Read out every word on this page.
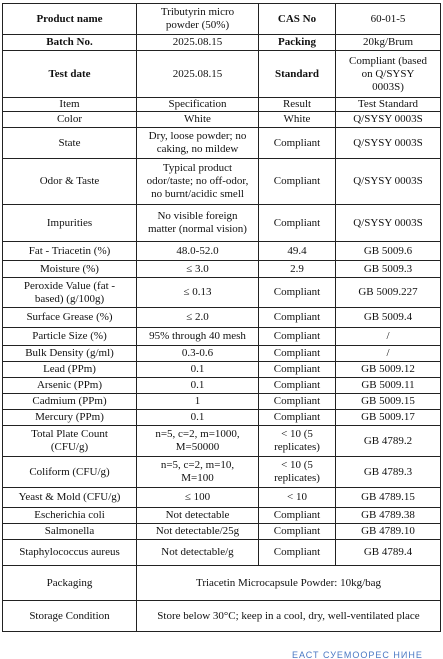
Product name	Tributyrin micro
powder (50%)	CAS No	60-01-5
Batch No.	2025.08.15	Packing	20kg/Brum
Test date	2025.08.15	Standard	Compliant (based
on Q/SYSY
0003S)
Item	Specification	Result	Test Standard
Color	White	White	Q/SYSY 0003S
State	Dry, loose powder; no
caking, no mildew	Compliant	Q/SYSY 0003S
Odor & Taste	Typical product
odor/taste; no off-odor,
no burnt/acidic smell	Compliant	Q/SYSY 0003S
Impurities	No visible foreign
matter (normal vision)	Compliant	Q/SYSY 0003S
Fat - Triacetin (%)	48.0-52.0	49.4	GB 5009.6
Moisture (%)	≤ 3.0	2.9	GB 5009.3
Peroxide Value (fat -
based) (g/100g)	≤ 0.13	Compliant	GB 5009.227
Surface Grease (%)	≤ 2.0	Compliant	GB 5009.4
Particle Size (%)	95% through 40 mesh	Compliant	/
Bulk Density (g/ml)	0.3-0.6	Compliant	/
Lead (PPm)	0.1	Compliant	GB 5009.12
Arsenic (PPm)	0.1	Compliant	GB 5009.11
Cadmium (PPm)	1	Compliant	GB 5009.15
Mercury (PPm)	0.1	Compliant	GB 5009.17
Total Plate Count
(CFU/g)	n=5, c=2, m=1000,
M=50000	< 10 (5
replicates)	GB 4789.2
Coliform (CFU/g)	n=5, c=2, m=10,
M=100	< 10 (5
replicates)	GB 4789.3
Yeast & Mold (CFU/g)	≤ 100	< 10	GB 4789.15
Escherichia coli	Not detectable	Compliant	GB 4789.38
Salmonella	Not detectable/25g	Compliant	GB 4789.10
Staphylococcus aureus	Not detectable/g	Compliant	GB 4789.4
Packaging	Triacetin Microcapsule Powder: 10kg/bag		
Storage Condition	Store below 30°C; keep in a cool, dry, well-ventilated place		
ЕАСТ СУЕМООРЕС НИНЕ
